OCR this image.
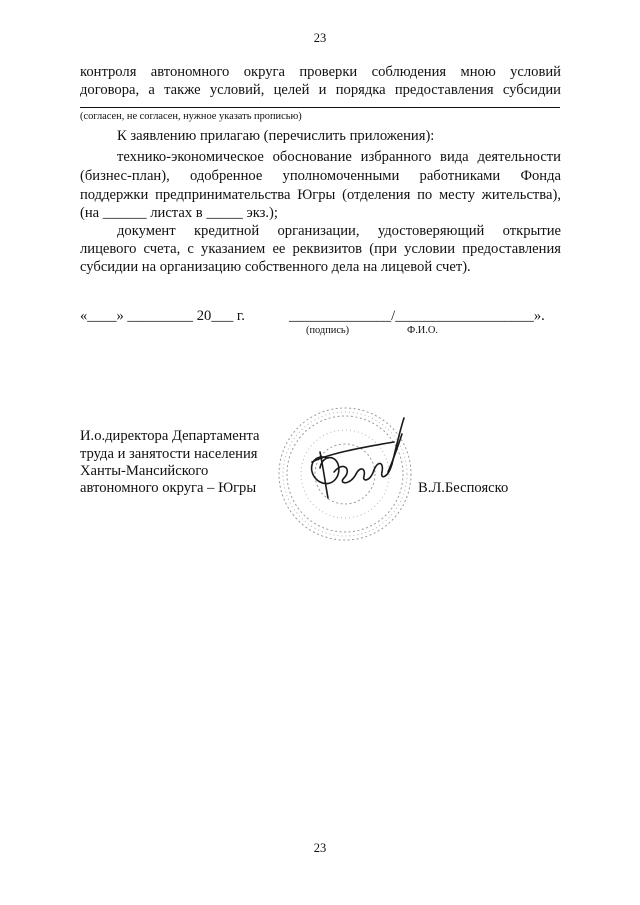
23
контроля автономного округа проверки соблюдения мною условий
договора, а также условий, целей и порядка предоставления субсидии
(согласен, не согласен, нужное указать прописью)
К заявлению прилагаю (перечислить приложения):
технико-экономическое обоснование избранного вида деятельности
(бизнес-план), одобренное уполномоченными работниками Фонда
поддержки предпринимательства Югры (отделения по месту жительства),
(на ______ листах в _____ экз.);
документ кредитной организации, удостоверяющий открытие
лицевого счета, с указанием ее реквизитов (при условии предоставления
субсидии на организацию собственного дела на лицевой счет).
«____» _________ 20___ г.	______________/___________________».
(подпись)	Ф.И.О.
И.о.директора Департамента
труда и занятости населения
Ханты-Мансийского
автономного округа – Югры	В.Л.Беспояско
23
